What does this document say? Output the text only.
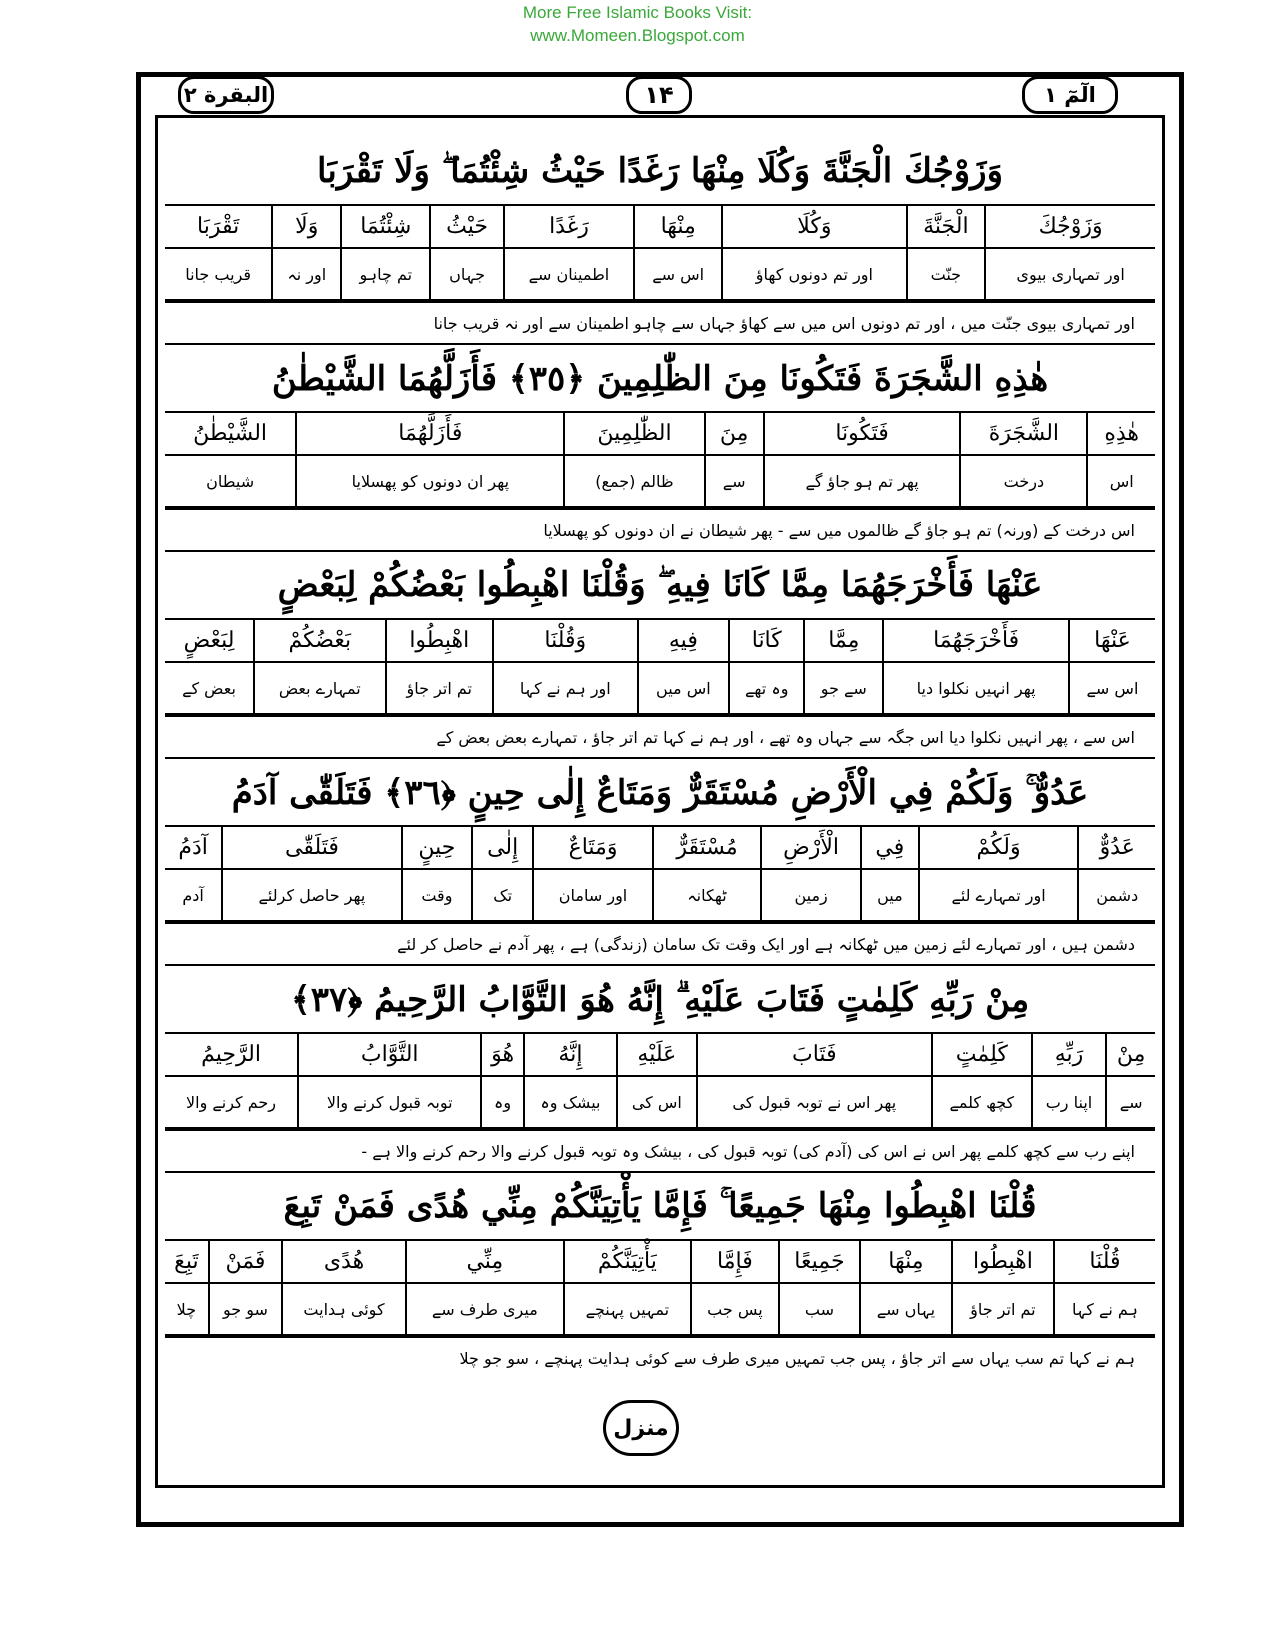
More Free Islamic Books Visit:
www.Momeen.Blogspot.com
البقرة ٢	۱۴	الٓمٓ ١
وَزَوْجُكَ الْجَنَّةَ وَكُلَا مِنْهَا رَغَدًا حَيْثُ شِئْتُمَا ۖ وَلَا تَقْرَبَا
وَزَوْجُكَ	الْجَنَّةَ	وَكُلَا	مِنْهَا	رَغَدًا	حَيْثُ	شِئْتُمَا	وَلَا	تَقْرَبَا
اور تمہاری بیوی	جنّت	اور تم دونوں کھاؤ	اس سے	اطمینان سے	جہاں	تم چاہو	اور نہ	قریب جانا
اور تمہاری بیوی جنّت میں ، اور تم دونوں اس میں سے کھاؤ جہاں سے چاہو اطمینان سے اور نہ قریب جانا
هٰذِهِ الشَّجَرَةَ فَتَكُونَا مِنَ الظّٰلِمِينَ ﴿٣٥﴾ فَأَزَلَّهُمَا الشَّيْطٰنُ
هٰذِهِ	الشَّجَرَةَ	فَتَكُونَا	مِنَ	الظّٰلِمِينَ	فَأَزَلَّهُمَا	الشَّيْطٰنُ
اس	درخت	پھر تم ہو جاؤ گے	سے	ظالم (جمع)	پھر ان دونوں کو پھسلایا	شیطان
اس درخت کے (ورنہ) تم ہو جاؤ گے ظالموں میں سے - پھر شیطان نے ان دونوں کو پھسلایا
عَنْهَا فَأَخْرَجَهُمَا مِمَّا كَانَا فِيهِ ۖ وَقُلْنَا اهْبِطُوا بَعْضُكُمْ لِبَعْضٍ
عَنْهَا	فَأَخْرَجَهُمَا	مِمَّا	كَانَا	فِيهِ	وَقُلْنَا	اهْبِطُوا	بَعْضُكُمْ	لِبَعْضٍ
اس سے	پھر انہیں نکلوا دیا	سے جو	وہ تھے	اس میں	اور ہم نے کہا	تم اتر جاؤ	تمہارے بعض	بعض کے
اس سے ، پھر انہیں نکلوا دیا اس جگہ سے جہاں وہ تھے ، اور ہم نے کہا تم اتر جاؤ ، تمہارے بعض بعض کے
عَدُوٌّ ۚ وَلَكُمْ فِي الْأَرْضِ مُسْتَقَرٌّ وَمَتَاعٌ إِلٰى حِينٍ ﴿٣٦﴾ فَتَلَقّٰى آدَمُ
عَدُوٌّ	وَلَكُمْ	فِي	الْأَرْضِ	مُسْتَقَرٌّ	وَمَتَاعٌ	إِلٰى	حِينٍ	فَتَلَقّٰى	آدَمُ
دشمن	اور تمہارے لئے	میں	زمین	ٹھکانہ	اور سامان	تک	وقت	پھر حاصل کرلئے	آدم
دشمن ہیں ، اور تمہارے لئے زمین میں ٹھکانہ ہے اور ایک وقت تک سامان (زندگی) ہے ، پھر آدم نے حاصل کر لئے
مِنْ رَبِّهِ كَلِمٰتٍ فَتَابَ عَلَيْهِ ۗ إِنَّهُ هُوَ التَّوَّابُ الرَّحِيمُ ﴿٣٧﴾
مِنْ	رَبِّهِ	كَلِمٰتٍ	فَتَابَ	عَلَيْهِ	إِنَّهُ	هُوَ	التَّوَّابُ	الرَّحِيمُ
سے	اپنا رب	کچھ کلمے	پھر اس نے توبہ قبول کی	اس کی	بیشک وہ	وہ	توبہ قبول کرنے والا	رحم کرنے والا
اپنے رب سے کچھ کلمے پھر اس نے اس کی (آدم کی) توبہ قبول کی ، بیشک وہ توبہ قبول کرنے والا رحم کرنے والا ہے -
قُلْنَا اهْبِطُوا مِنْهَا جَمِيعًا ۚ فَإِمَّا يَأْتِيَنَّكُمْ مِنِّي هُدًى فَمَنْ تَبِعَ
قُلْنَا	اهْبِطُوا	مِنْهَا	جَمِيعًا	فَإِمَّا	يَأْتِيَنَّكُمْ	مِنِّي	هُدًى	فَمَنْ	تَبِعَ
ہم نے کہا	تم اتر جاؤ	یہاں سے	سب	پس جب	تمہیں پہنچے	میری طرف سے	کوئی ہدایت	سو جو	چلا
ہم نے کہا تم سب یہاں سے اتر جاؤ ، پس جب تمہیں میری طرف سے کوئی ہدایت پہنچے ، سو جو چلا
منزل
